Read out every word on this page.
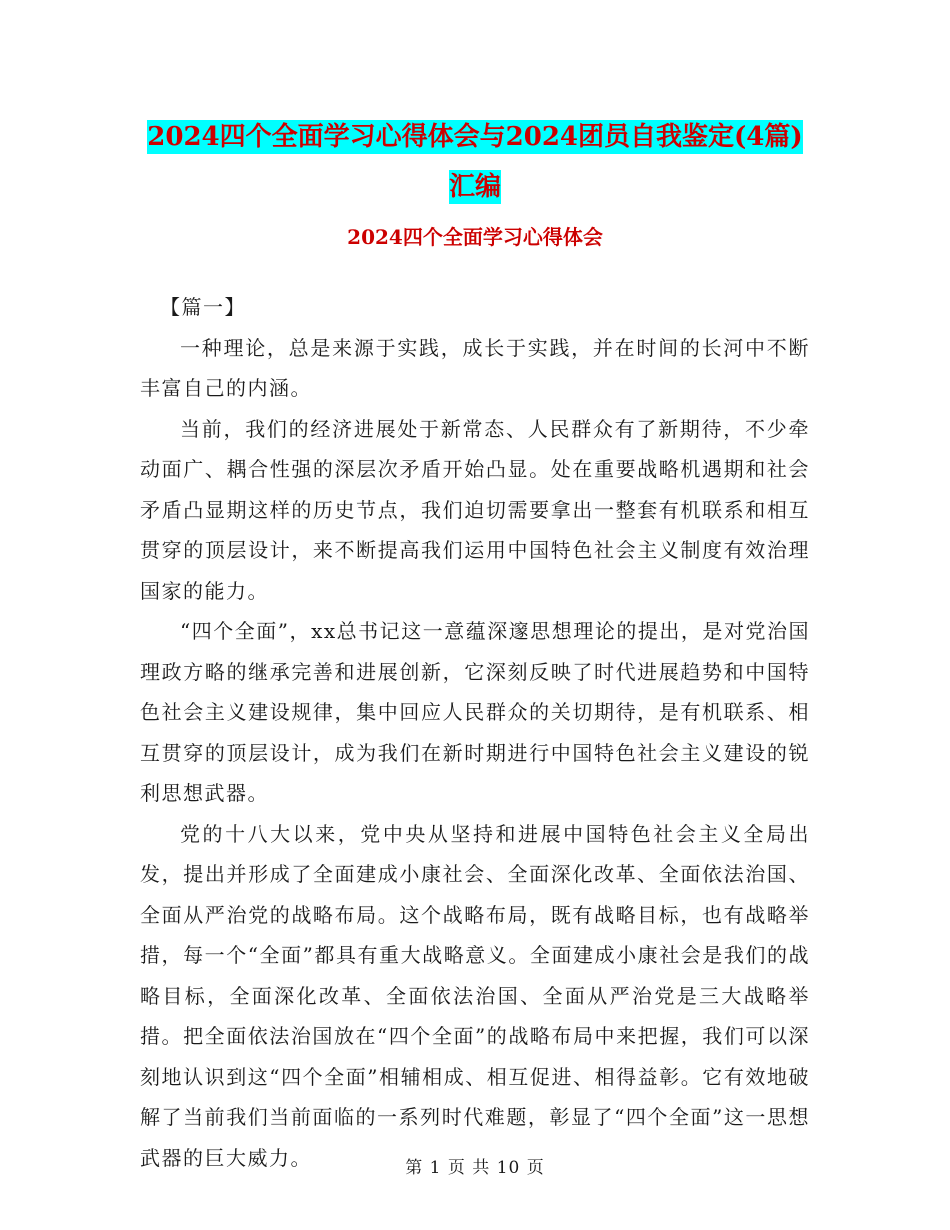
2024四个全面学习心得体会与2024团员自我鉴定(4篇)汇编
2024四个全面学习心得体会

【篇一】

一种理论，总是来源于实践，成长于实践，并在时间的长河中不断丰富自己的内涵。

当前，我们的经济进展处于新常态、人民群众有了新期待，不少牵动面广、耦合性强的深层次矛盾开始凸显。处在重要战略机遇期和社会矛盾凸显期这样的历史节点，我们迫切需要拿出一整套有机联系和相互贯穿的顶层设计，来不断提高我们运用中国特色社会主义制度有效治理国家的能力。

“四个全面”，xx总书记这一意蕴深邃思想理论的提出，是对党治国理政方略的继承完善和进展创新，它深刻反映了时代进展趋势和中国特色社会主义建设规律，集中回应人民群众的关切期待，是有机联系、相互贯穿的顶层设计，成为我们在新时期进行中国特色社会主义建设的锐利思想武器。

党的十八大以来，党中央从坚持和进展中国特色社会主义全局出发，提出并形成了全面建成小康社会、全面深化改革、全面依法治国、全面从严治党的战略布局。这个战略布局，既有战略目标，也有战略举措，每一个“全面”都具有重大战略意义。全面建成小康社会是我们的战略目标，全面深化改革、全面依法治国、全面从严治党是三大战略举措。把全面依法治国放在“四个全面”的战略布局中来把握，我们可以深刻地认识到这“四个全面”相辅相成、相互促进、相得益彰。它有效地破解了当前我们当前面临的一系列时代难题，彰显了“四个全面”这一思想武器的巨大威力。	第 1 页 共 10 页
